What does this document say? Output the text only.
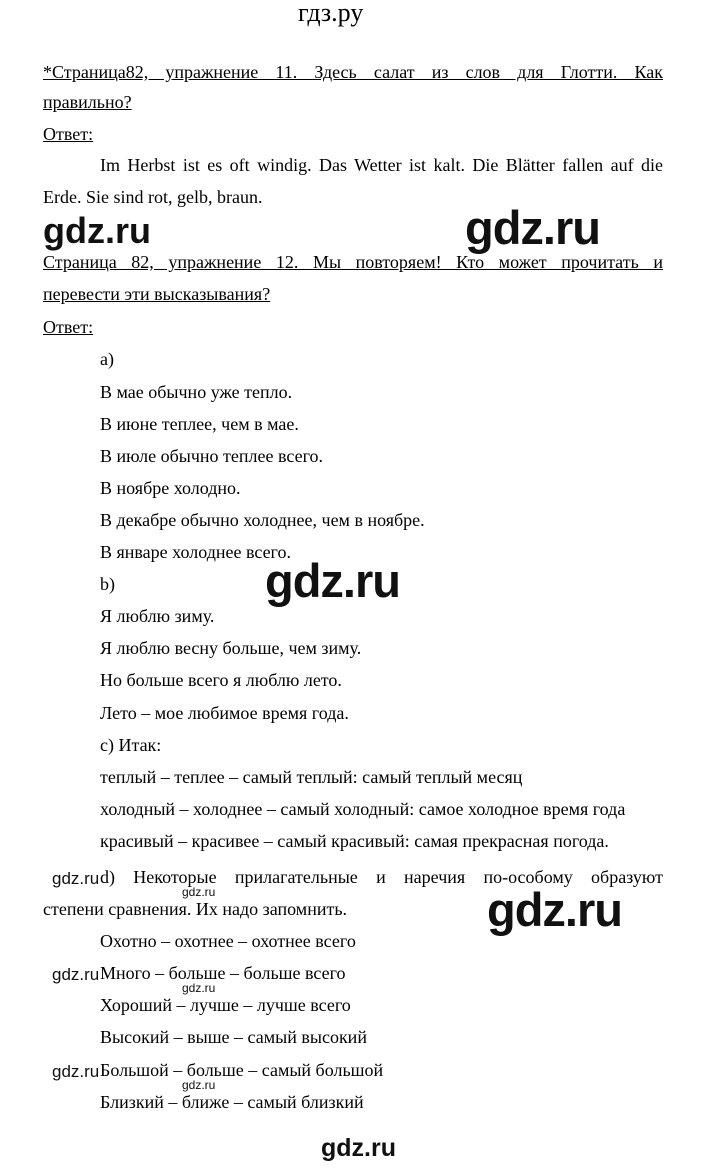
гдз.ру
*Страница82, упражнение 11. Здесь салат из слов для Глотти. Как
правильно?
Ответ:
Im Herbst ist es oft windig. Das Wetter ist kalt. Die Blätter fallen auf die
Erde. Sie sind rot, gelb, braun.
gdz.ru	gdz.ru
Страница 82, упражнение 12. Мы повторяем! Кто может прочитать и
перевести эти высказывания?
Ответ:
a)
В мае обычно уже тепло.
В июне теплее, чем в мае.
В июле обычно теплее всего.
В ноябре холодно.
В декабре обычно холоднее, чем в ноябре.
В январе холоднее всего.
gdz.ru
b)
Я люблю зиму.
Я люблю весну больше, чем зиму.
Но больше всего я люблю лето.
Лето – мое любимое время года.
c) Итак:
теплый – теплее – самый теплый: самый теплый месяц
холодный – холоднее – самый холодный: самое холодное время года
красивый – красивее – самый красивый: самая прекрасная погода.
gdz.ru d) Некоторые прилагательные и наречия по-особому образуют
gdz.ru
степени сравнения. Их надо запомнить.	gdz.ru
Охотно – охотнее – охотнее всего
gdz.ru Много – больше – больше всего
gdz.ru
Хороший – лучше – лучше всего
Высокий – выше – самый высокий
gdz.ru Большой – больше – самый большой
gdz.ru
Близкий – ближе – самый близкий
gdz.ru
